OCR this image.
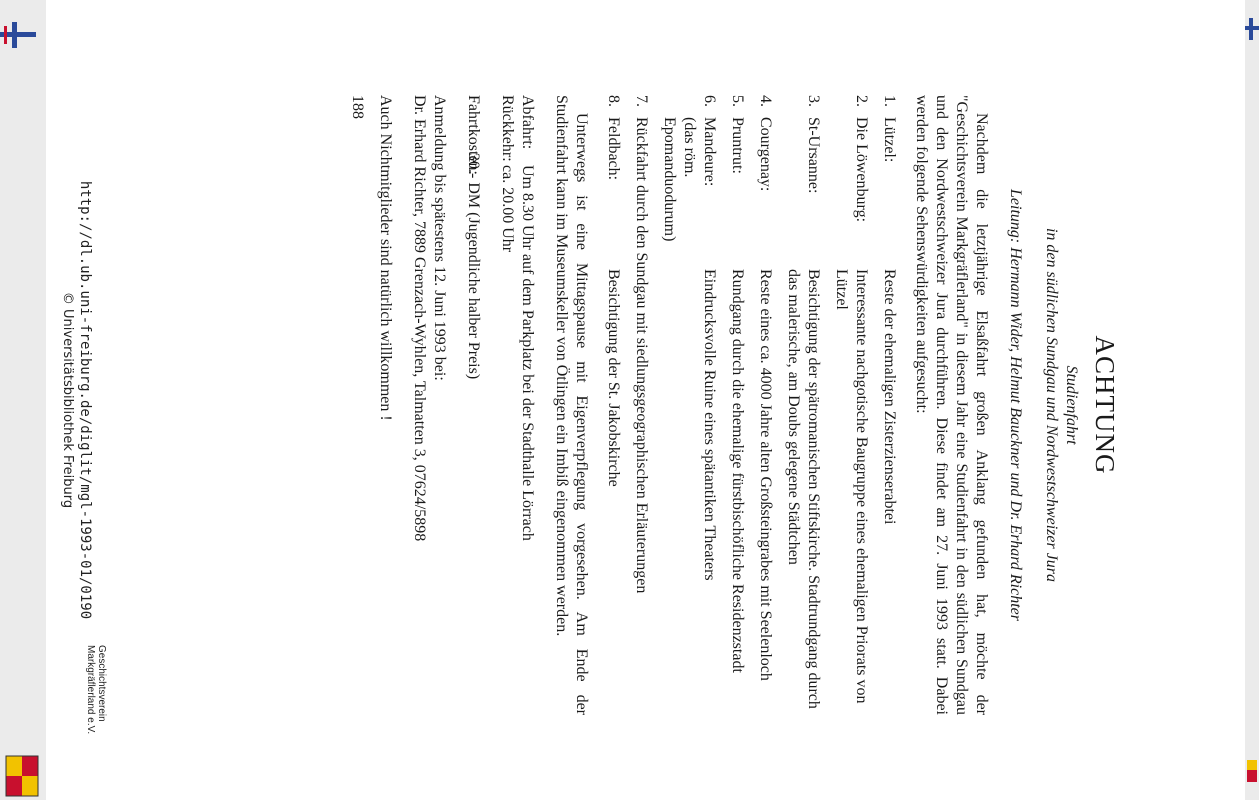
ACHTUNG
Studienfahrt
in den südlichen Sundgau und Nordwestschweizer Jura
Leitung: Hermann Wider, Helmut Bauckner und Dr. Erhard Richter

Nachdem die letztjährige Elsaßfahrt großen Anklang gefunden hat, möchte der "Geschichtsverein Markgräflerland" in diesem Jahr eine Studienfahrt in den südlichen Sundgau und den Nordwestschweizer Jura durchführen. Diese findet am 27. Juni 1993 statt. Dabei werden folgende Sehenswürdigkeiten aufgesucht:

1.
Lützel:
Reste der ehemaligen Zisterzienserabtei
2.
Die Löwenburg:
Interessante nachgotische Baugruppe eines ehemaligen Priorats von Lützel
3.
St-Ursanne:
Besichtigung der spätromanischen Stiftskirche. Stadtrundgang durch das malerische, am Doubs gelegene Städtchen
4.
Courgenay:
Reste eines ca. 4000 Jahre alten Großsteingrabes mit Seelenloch
5.
Pruntrut:
Rundgang durch die ehemalige fürstbischöfliche Residenzstadt
6.
Mandeure:
(das röm. Epomanduodurum)
Eindrucksvolle Ruine eines spätantiken Theaters
7.
Rückfahrt durch den Sundgau mit siedlungsgeographischen Erläuterungen
8.
Feldbach:
Besichtigung der St. Jakobskirche

Unterwegs ist eine Mittagspause mit Eigenverpflegung vorgesehen. Am Ende der Studienfahrt kann im Museumskeller von Ötlingen ein Imbiß eingenommen werden.

Abfahrt:
Um 8.30 Uhr auf dem Parkplatz bei der Stadthalle Lörrach
Rückkehr:
ca. 20.00 Uhr
Fahrtkosten:
30.- DM (Jugendliche halber Preis)
Anmeldung bis spätestens 12. Juni 1993 bei:
Dr. Erhard Richter, 7889 Grenzach-Wyhlen, Talmatten 3, 07624/5898
Auch Nichtmitglieder sind natürlich willkommen !
188
http://dl.ub.uni-freiburg.de/diglit/mgl-1993-01/0190
© Universitätsbibliothek Freiburg
Geschichtsverein
Markgräflerland e.V.
